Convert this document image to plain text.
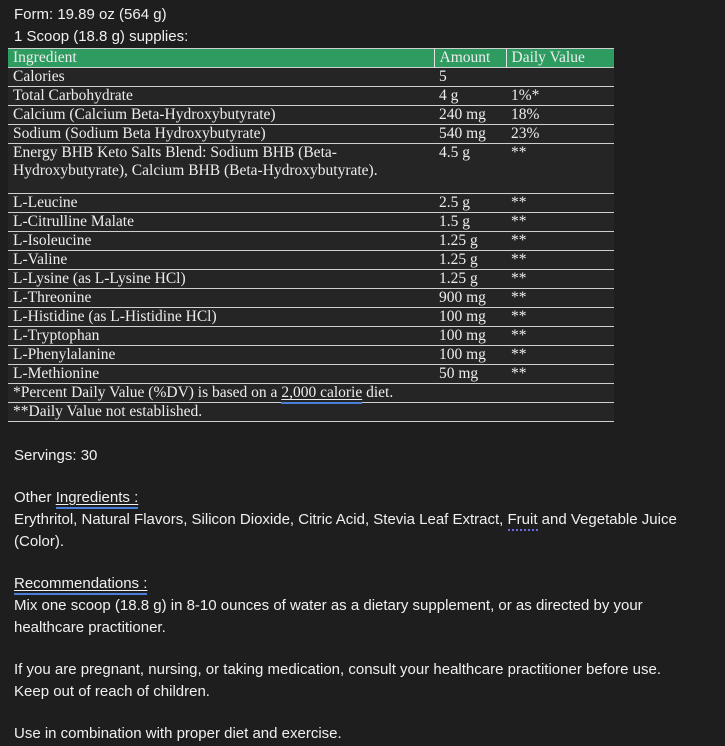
Form: 19.89 oz (564 g)
1 Scoop (18.8 g) supplies:
Ingredient	Amount	Daily Value
Calories	5	
Total Carbohydrate	4 g	1%*
Calcium (Calcium Beta-Hydroxybutyrate)	240 mg	18%
Sodium (Sodium Beta Hydroxybutyrate)	540 mg	23%
Energy BHB Keto Salts Blend: Sodium BHB (Beta-Hydroxybutyrate), Calcium BHB (Beta-Hydroxybutyrate).	4.5 g	**
L-Leucine	2.5 g	**
L-Citrulline Malate	1.5 g	**
L-Isoleucine	1.25 g	**
L-Valine	1.25 g	**
L-Lysine (as L-Lysine HCl)	1.25 g	**
L-Threonine	900 mg	**
L-Histidine (as L-Histidine HCl)	100 mg	**
L-Tryptophan	100 mg	**
L-Phenylalanine	100 mg	**
L-Methionine	50 mg	**
*Percent Daily Value (%DV) is based on a 2,000 calorie diet.		
**Daily Value not established.		
Servings: 30
Other Ingredients :
Erythritol, Natural Flavors, Silicon Dioxide, Citric Acid, Stevia Leaf Extract, Fruit and Vegetable Juice (Color).
Recommendations :
Mix one scoop (18.8 g) in 8-10 ounces of water as a dietary supplement, or as directed by your healthcare practitioner.
If you are pregnant, nursing, or taking medication, consult your healthcare practitioner before use.
Keep out of reach of children.
Use in combination with proper diet and exercise.
